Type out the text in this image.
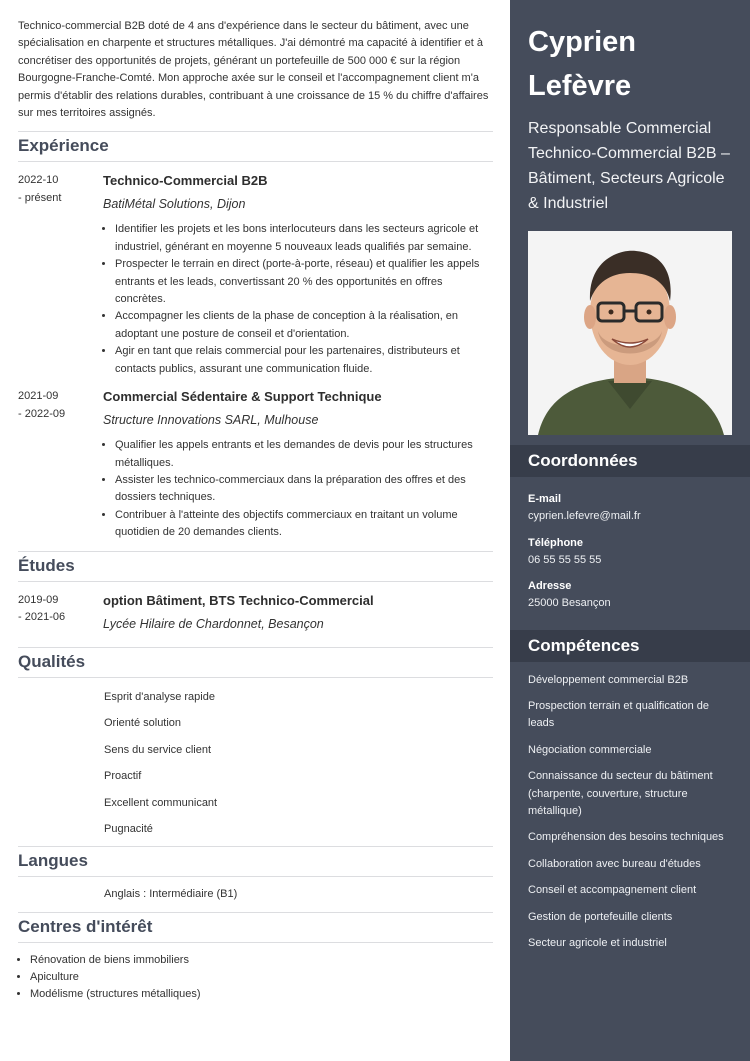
Technico-commercial B2B doté de 4 ans d'expérience dans le secteur du bâtiment, avec une spécialisation en charpente et structures métalliques. J'ai démontré ma capacité à identifier et à concrétiser des opportunités de projets, générant un portefeuille de 500 000 € sur la région Bourgogne-Franche-Comté. Mon approche axée sur le conseil et l'accompagnement client m'a permis d'établir des relations durables, contribuant à une croissance de 15 % du chiffre d'affaires sur mes territoires assignés.

Expérience
2022-10
- présent
Technico-Commercial B2B
BatiMétal Solutions, Dijon
• Identifier les projets et les bons interlocuteurs dans les secteurs agricole et industriel, générant en moyenne 5 nouveaux leads qualifiés par semaine.
• Prospecter le terrain en direct (porte-à-porte, réseau) et qualifier les appels entrants et les leads, convertissant 20 % des opportunités en offres concrètes.
• Accompagner les clients de la phase de conception à la réalisation, en adoptant une posture de conseil et d'orientation.
• Agir en tant que relais commercial pour les partenaires, distributeurs et contacts publics, assurant une communication fluide.
2021-09
- 2022-09
Commercial Sédentaire & Support Technique
Structure Innovations SARL, Mulhouse
• Qualifier les appels entrants et les demandes de devis pour les structures métalliques.
• Assister les technico-commerciaux dans la préparation des offres et des dossiers techniques.
• Contribuer à l'atteinte des objectifs commerciaux en traitant un volume quotidien de 20 demandes clients.
Études
2019-09
- 2021-06
option Bâtiment, BTS Technico-Commercial
Lycée Hilaire de Chardonnet, Besançon
Qualités
Esprit d'analyse rapide
Orienté solution
Sens du service client
Proactif
Excellent communicant
Pugnacité
Langues
Anglais : Intermédiaire (B1)
Centres d'intérêt
• Rénovation de biens immobiliers
• Apiculture
• Modélisme (structures métalliques)
Cyprien
Lefèvre
Responsable Commercial Technico-Commercial B2B – Bâtiment, Secteurs Agricole & Industriel
Coordonnées
E-mail
cyprien.lefevre@mail.fr
Téléphone
06 55 55 55 55
Adresse
25000 Besançon
Compétences
Développement commercial B2B
Prospection terrain et qualification de leads
Négociation commerciale
Connaissance du secteur du bâtiment (charpente, couverture, structure métallique)
Compréhension des besoins techniques
Collaboration avec bureau d'études
Conseil et accompagnement client
Gestion de portefeuille clients
Secteur agricole et industriel
